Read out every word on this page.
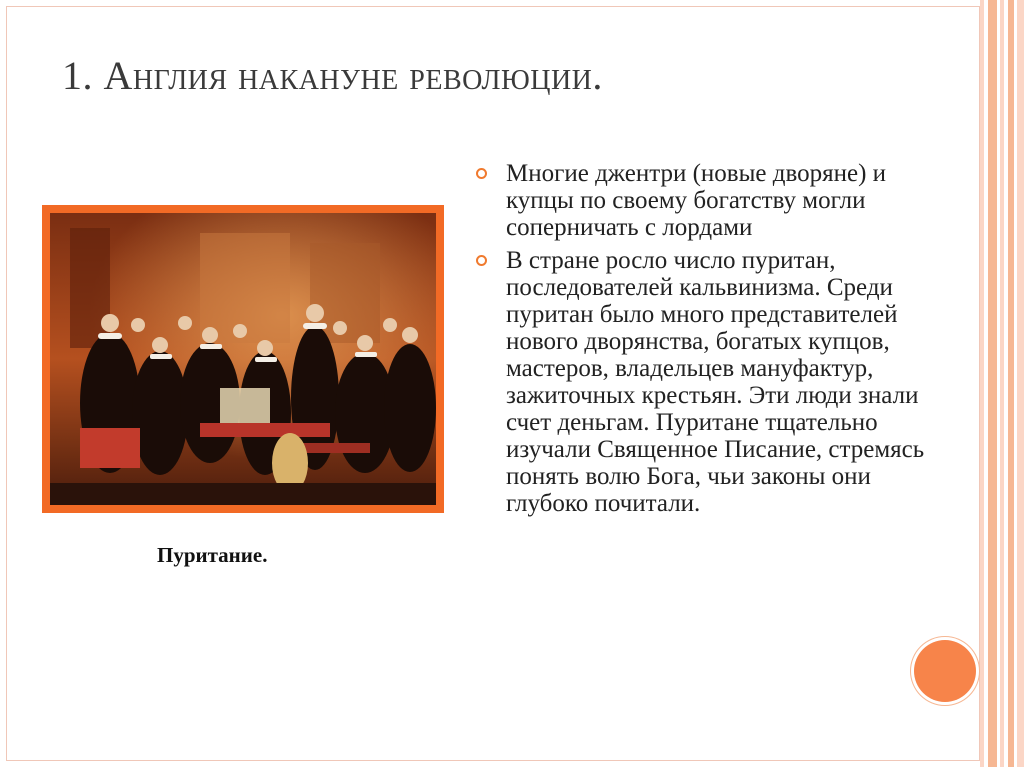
1. Англия накануне революции.
Пуритание.
Многие джентри (новые дворяне) и купцы по своему богатству могли соперничать с лордами
В стране росло число пуритан, последователей кальвинизма. Среди пуритан было много представителей нового дворянства, богатых купцов, мастеров, владельцев мануфактур, зажиточных крестьян. Эти люди знали счет деньгам. Пуритане тщательно изучали Священное Писание, стремясь понять волю Бога, чьи законы они глубоко почитали.
